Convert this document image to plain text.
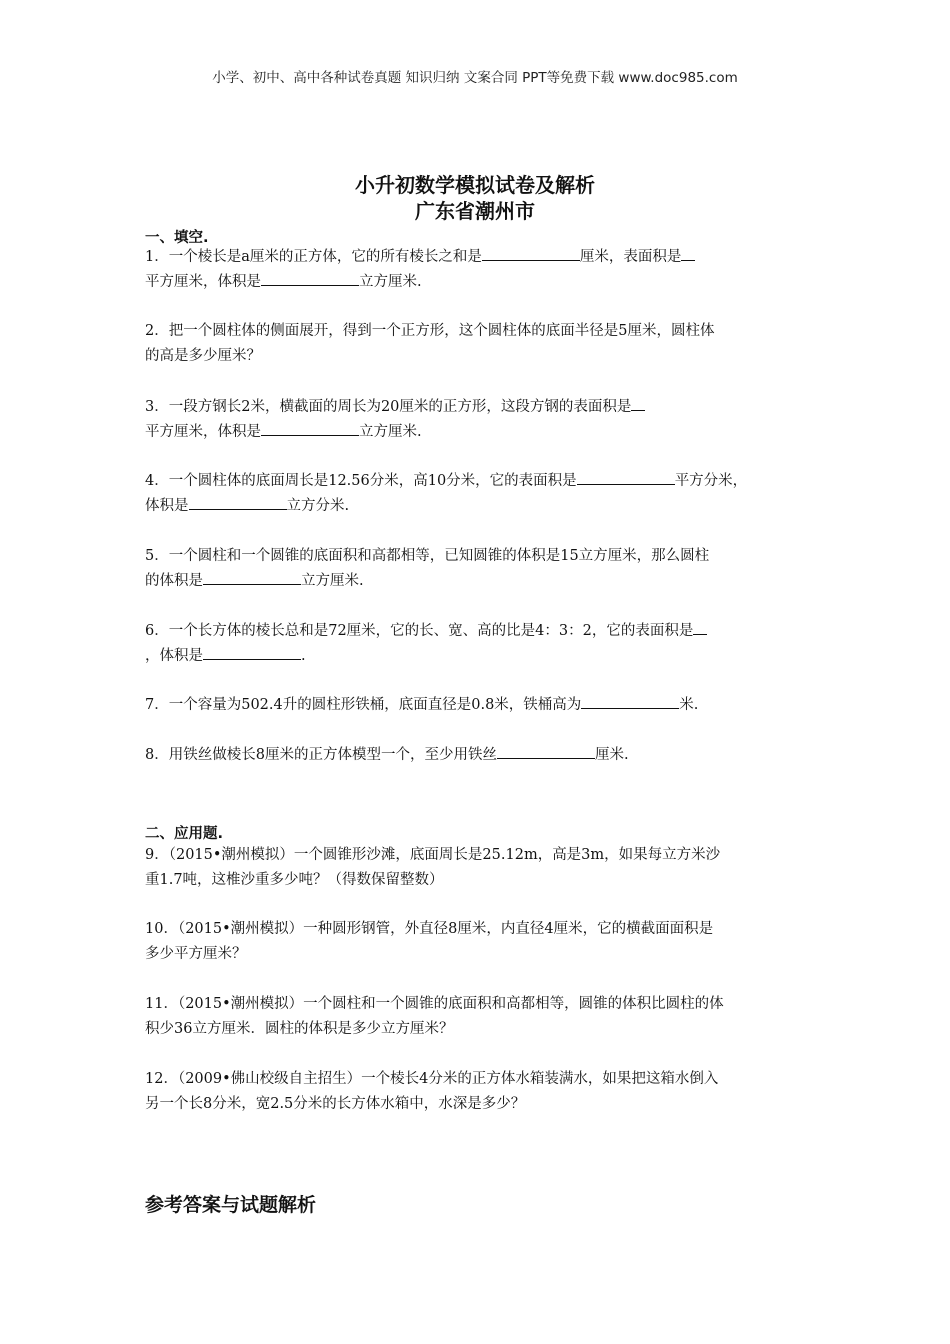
小学、初中、高中各种试卷真题 知识归纳 文案合同 PPT等免费下载 www.doc985.com
小升初数学模拟试卷及解析
广东省潮州市
一、填空.
1．一个棱长是a厘米的正方体，它的所有棱长之和是	厘米，表面积是
平方厘米，体积是	立方厘米.
2．把一个圆柱体的侧面展开，得到一个正方形，这个圆柱体的底面半径是5厘米，圆柱体
的高是多少厘米？
3．一段方钢长2米，横截面的周长为20厘米的正方形，这段方钢的表面积是
平方厘米，体积是	立方厘米.
4．一个圆柱体的底面周长是12.56分米，高10分米，它的表面积是	平方分米，
体积是	立方分米.
5．一个圆柱和一个圆锥的底面积和高都相等，已知圆锥的体积是15立方厘米，那么圆柱
的体积是	立方厘米.
6．一个长方体的棱长总和是72厘米，它的长、宽、高的比是4：3：2，它的表面积是
，体积是	.
7．一个容量为502.4升的圆柱形铁桶，底面直径是0.8米，铁桶高为	米.
8．用铁丝做棱长8厘米的正方体模型一个，至少用铁丝	厘米.
二、应用题.
9．（2015•潮州模拟）一个圆锥形沙滩，底面周长是25.12m，高是3m，如果每立方米沙
重1.7吨，这椎沙重多少吨？（得数保留整数）
10．（2015•潮州模拟）一种圆形钢管，外直径8厘米，内直径4厘米，它的横截面面积是
多少平方厘米？
11．（2015•潮州模拟）一个圆柱和一个圆锥的底面积和高都相等，圆锥的体积比圆柱的体
积少36立方厘米．圆柱的体积是多少立方厘米？
12．（2009•佛山校级自主招生）一个棱长4分米的正方体水箱装满水，如果把这箱水倒入
另一个长8分米，宽2.5分米的长方体水箱中，水深是多少？
参考答案与试题解析
